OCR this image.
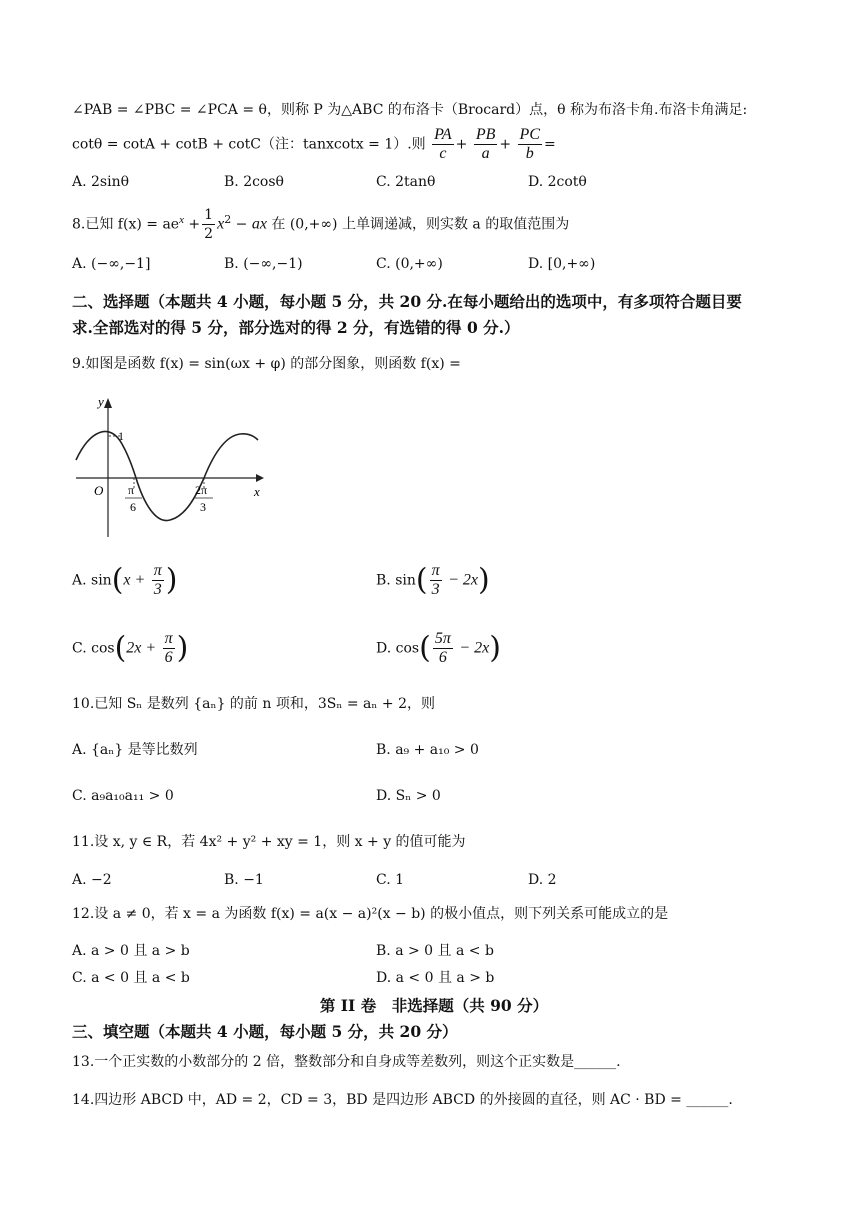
∠PAB = ∠PBC = ∠PCA = θ，则称 P 为△ABC 的布洛卡（Brocard）点，θ 称为布洛卡角.布洛卡角满足:
cotθ = cotA + cotB + cotC（注：tanxcotx = 1）.则 $\frac{PA}{c} + \frac{PB}{a} + \frac{PC}{b}$ =
A. 2sinθ	B. 2cosθ	C. 2tanθ	D. 2cotθ
8.已知 $f(x) = ae^x + \frac{1}{2} x^2$ − ax 在 (0,+∞) 上单调递减，则实数 a 的取值范围为
A. (−∞,−1]	B. (−∞,−1)	C. (0,+∞)	D. [0,+∞)
二、选择题（本题共 4 小题，每小题 5 分，共 20 分.在每小题给出的选项中，有多项符合题目要
求.全部选对的得 5 分，部分选对的得 2 分，有选错的得 0 分.）
9.如图是函数 f(x) = sin(ωx + φ) 的部分图象，则函数 f(x) =
y
x
O
1
π
6
2π
3
A. $\sin(x + \frac{\pi}{3}$ )	B. $\sin( \frac{\pi}{3} - 2x)$
C. $\cos(2x + \frac{\pi}{6}$ )	D. $\cos( \frac{5\pi}{6} - 2x)$
10.已知 Sₙ 是数列 {aₙ} 的前 n 项和，3Sₙ = aₙ + 2，则
A. {aₙ} 是等比数列	B. a₉ + a₁₀ > 0
C. a₉a₁₀a₁₁ > 0	D. Sₙ > 0
11.设 x, y ∈ R，若 4x² + y² + xy = 1，则 x + y 的值可能为
A. −2	B. −1	C. 1	D. 2
12.设 a ≠ 0，若 x = a 为函数 f(x) = a(x − a)²(x − b) 的极小值点，则下列关系可能成立的是
A. a > 0 且 a > b	B. a > 0 且 a < b
C. a < 0 且 a < b	D. a < 0 且 a > b
第 II 卷　非选择题（共 90 分）
三、填空题（本题共 4 小题，每小题 5 分，共 20 分）
13.一个正实数的小数部分的 2 倍，整数部分和自身成等差数列，则这个正实数是______.
14.四边形 ABCD 中，AD = 2，CD = 3，BD 是四边形 ABCD 的外接圆的直径，则 AC · BD = ______.
